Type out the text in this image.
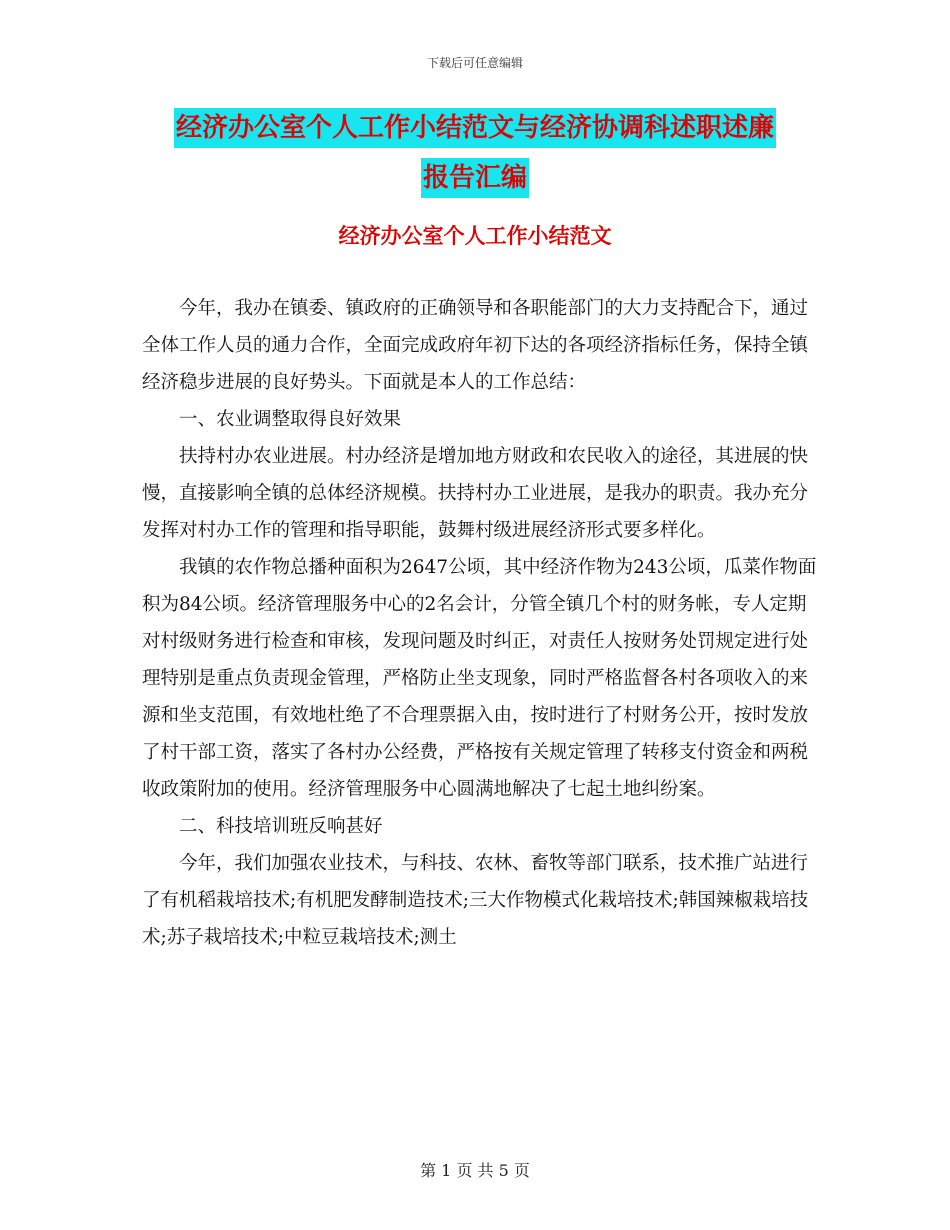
下载后可任意编辑
经济办公室个人工作小结范文与经济协调科述职述廉
报告汇编
经济办公室个人工作小结范文

今年，我办在镇委、镇政府的正确领导和各职能部门的大力支持配合下，通过全体工作人员的通力合作，全面完成政府年初下达的各项经济指标任务，保持全镇经济稳步进展的良好势头。下面就是本人的工作总结：

一、农业调整取得良好效果

扶持村办农业进展。村办经济是增加地方财政和农民收入的途径，其进展的快慢，直接影响全镇的总体经济规模。扶持村办工业进展，是我办的职责。我办充分发挥对村办工作的管理和指导职能，鼓舞村级进展经济形式要多样化。

我镇的农作物总播种面积为2647公顷，其中经济作物为243公顷，瓜菜作物面积为84公顷。经济管理服务中心的2名会计，分管全镇几个村的财务帐，专人定期对村级财务进行检查和审核，发现问题及时纠正，对责任人按财务处罚规定进行处理特别是重点负责现金管理，严格防止坐支现象，同时严格监督各村各项收入的来源和坐支范围，有效地杜绝了不合理票据入由，按时进行了村财务公开，按时发放了村干部工资，落实了各村办公经费，严格按有关规定管理了转移支付资金和两税收政策附加的使用。经济管理服务中心圆满地解决了七起土地纠纷案。

二、科技培训班反响甚好

今年，我们加强农业技术，与科技、农林、畜牧等部门联系，技术推广站进行了有机稻栽培技术;有机肥发酵制造技术;三大作物模式化栽培技术;韩国辣椒栽培技术;苏子栽培技术;中粒豆栽培技术;测土

第 1 页 共 5 页
